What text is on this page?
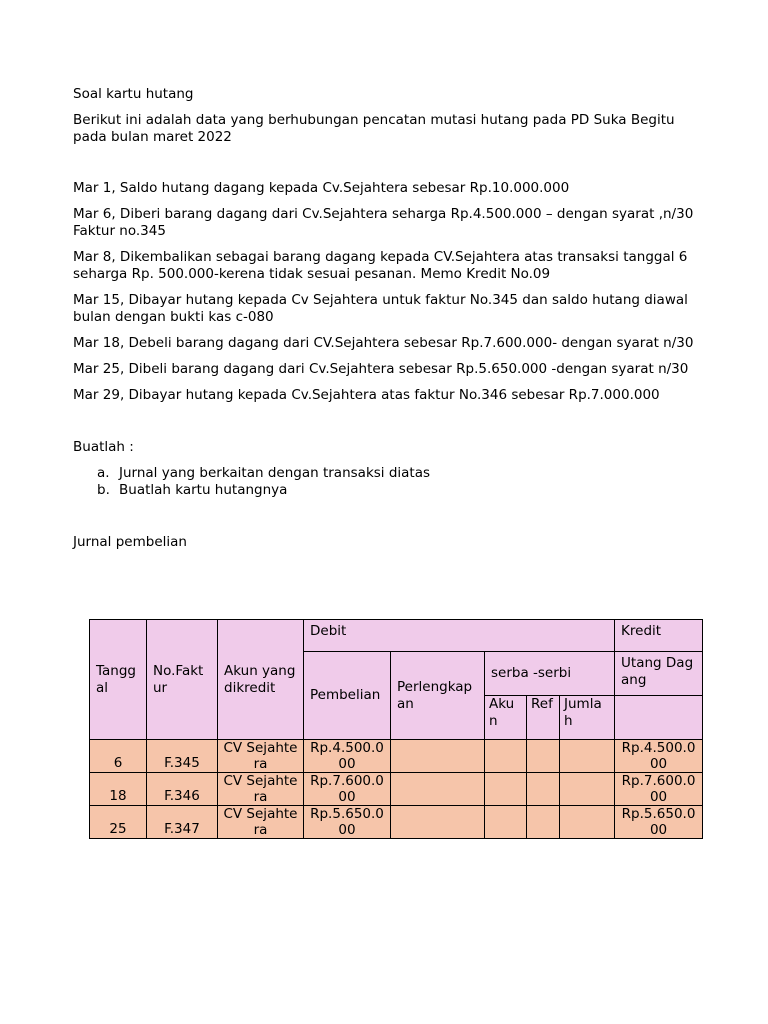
Soal kartu hutang

Berikut ini adalah data yang berhubungan pencatan mutasi hutang pada PD Suka Begitu pada bulan maret 2022

Mar 1, Saldo hutang dagang kepada Cv.Sejahtera sebesar Rp.10.000.000

Mar 6, Diberi barang dagang dari Cv.Sejahtera seharga Rp.4.500.000 – dengan syarat ,n/30 Faktur no.345

Mar 8, Dikembalikan sebagai barang dagang kepada CV.Sejahtera atas transaksi tanggal 6 seharga Rp. 500.000-kerena tidak sesuai pesanan. Memo Kredit No.09

Mar 15, Dibayar hutang kepada Cv Sejahtera untuk faktur No.345 dan saldo hutang diawal bulan dengan bukti kas c-080

Mar 18, Debeli barang dagang dari CV.Sejahtera sebesar Rp.7.600.000- dengan syarat n/30

Mar 25, Dibeli barang dagang dari Cv.Sejahtera sebesar Rp.5.650.000 -dengan syarat n/30

Mar 29, Dibayar hutang kepada Cv.Sejahtera atas faktur No.346 sebesar Rp.7.000.000

Buatlah :

a. Jurnal yang berkaitan dengan transaksi diatas
b. Buatlah kartu hutangnya

Jurnal pembelian

Tanggal	No.Faktur	Akun yang dikredit	Debit					Kredit
			Pembelian	Perlengkapan	serba -serbi			Utang Dagang
					Akun	Ref	Jumlah	
6	F.345	CV Sejahtera	Rp.4.500.000					Rp.4.500.000
18	F.346	CV Sejahtera	Rp.7.600.000					Rp.7.600.000
25	F.347	CV Sejahtera	Rp.5.650.000					Rp.5.650.000
